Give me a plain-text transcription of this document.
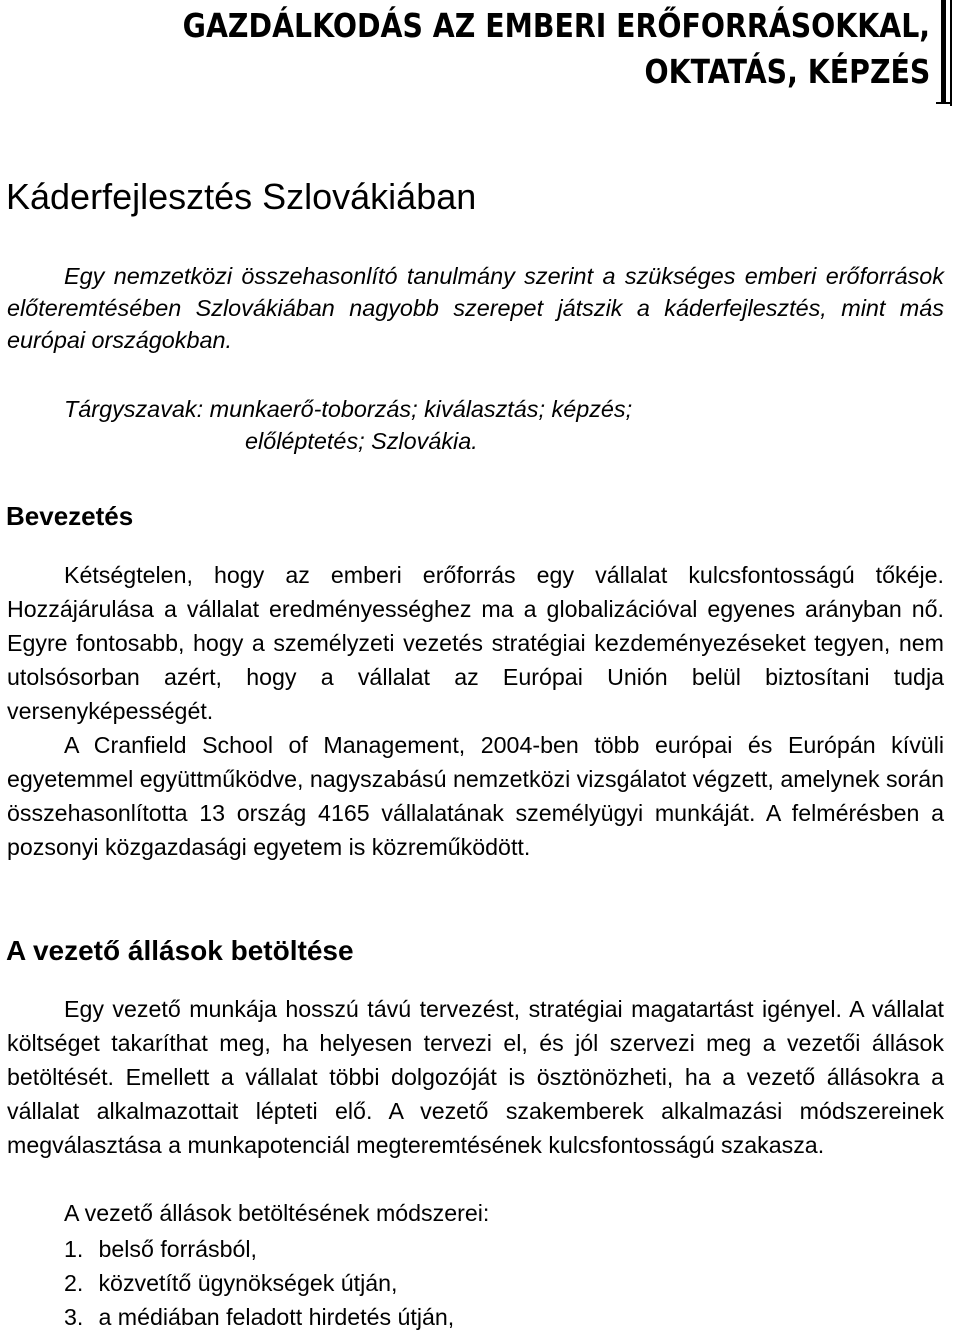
GAZDÁLKODÁS AZ EMBERI ERŐFORRÁSOKKAL,
OKTATÁS, KÉPZÉS
Káderfejlesztés Szlovákiában

Egy nemzetközi összehasonlító tanulmány szerint a szükséges emberi erőforrások előteremtésében Szlovákiában nagyobb szerepet játszik a káderfejlesztés, mint más európai országokban.

Tárgyszavak: munkaerő-toborzás; kiválasztás; képzés;
előléptetés; Szlovákia.
Bevezetés

Kétségtelen, hogy az emberi erőforrás egy vállalat kulcsfontosságú tőkéje. Hozzájárulása a vállalat eredményességhez ma a globalizációval egyenes arányban nő. Egyre fontosabb, hogy a személyzeti vezetés stratégiai kezdeményezéseket tegyen, nem utolsósorban azért, hogy a vállalat az Európai Unión belül biztosítani tudja versenyképességét.

A Cranfield School of Management, 2004-ben több európai és Európán kívüli egyetemmel együttműködve, nagyszabású nemzetközi vizsgálatot végzett, amelynek során összehasonlította 13 ország 4165 vállalatának személyügyi munkáját. A felmérésben a pozsonyi közgazdasági egyetem is közreműködött.

A vezető állások betöltése

Egy vezető munkája hosszú távú tervezést, stratégiai magatartást igényel. A vállalat költséget takaríthat meg, ha helyesen tervezi el, és jól szervezi meg a vezetői állások betöltését. Emellett a vállalat többi dolgozóját is ösztönözheti, ha a vezető állásokra a vállalat alkalmazottait lépteti elő. A vezető szakemberek alkalmazási módszereinek megválasztása a munkapotenciál megteremtésének kulcsfontosságú szakasza.

A vezető állások betöltésének módszerei:

1. belső forrásból,
2. közvetítő ügynökségek útján,
3. a médiában feladott hirdetés útján,
